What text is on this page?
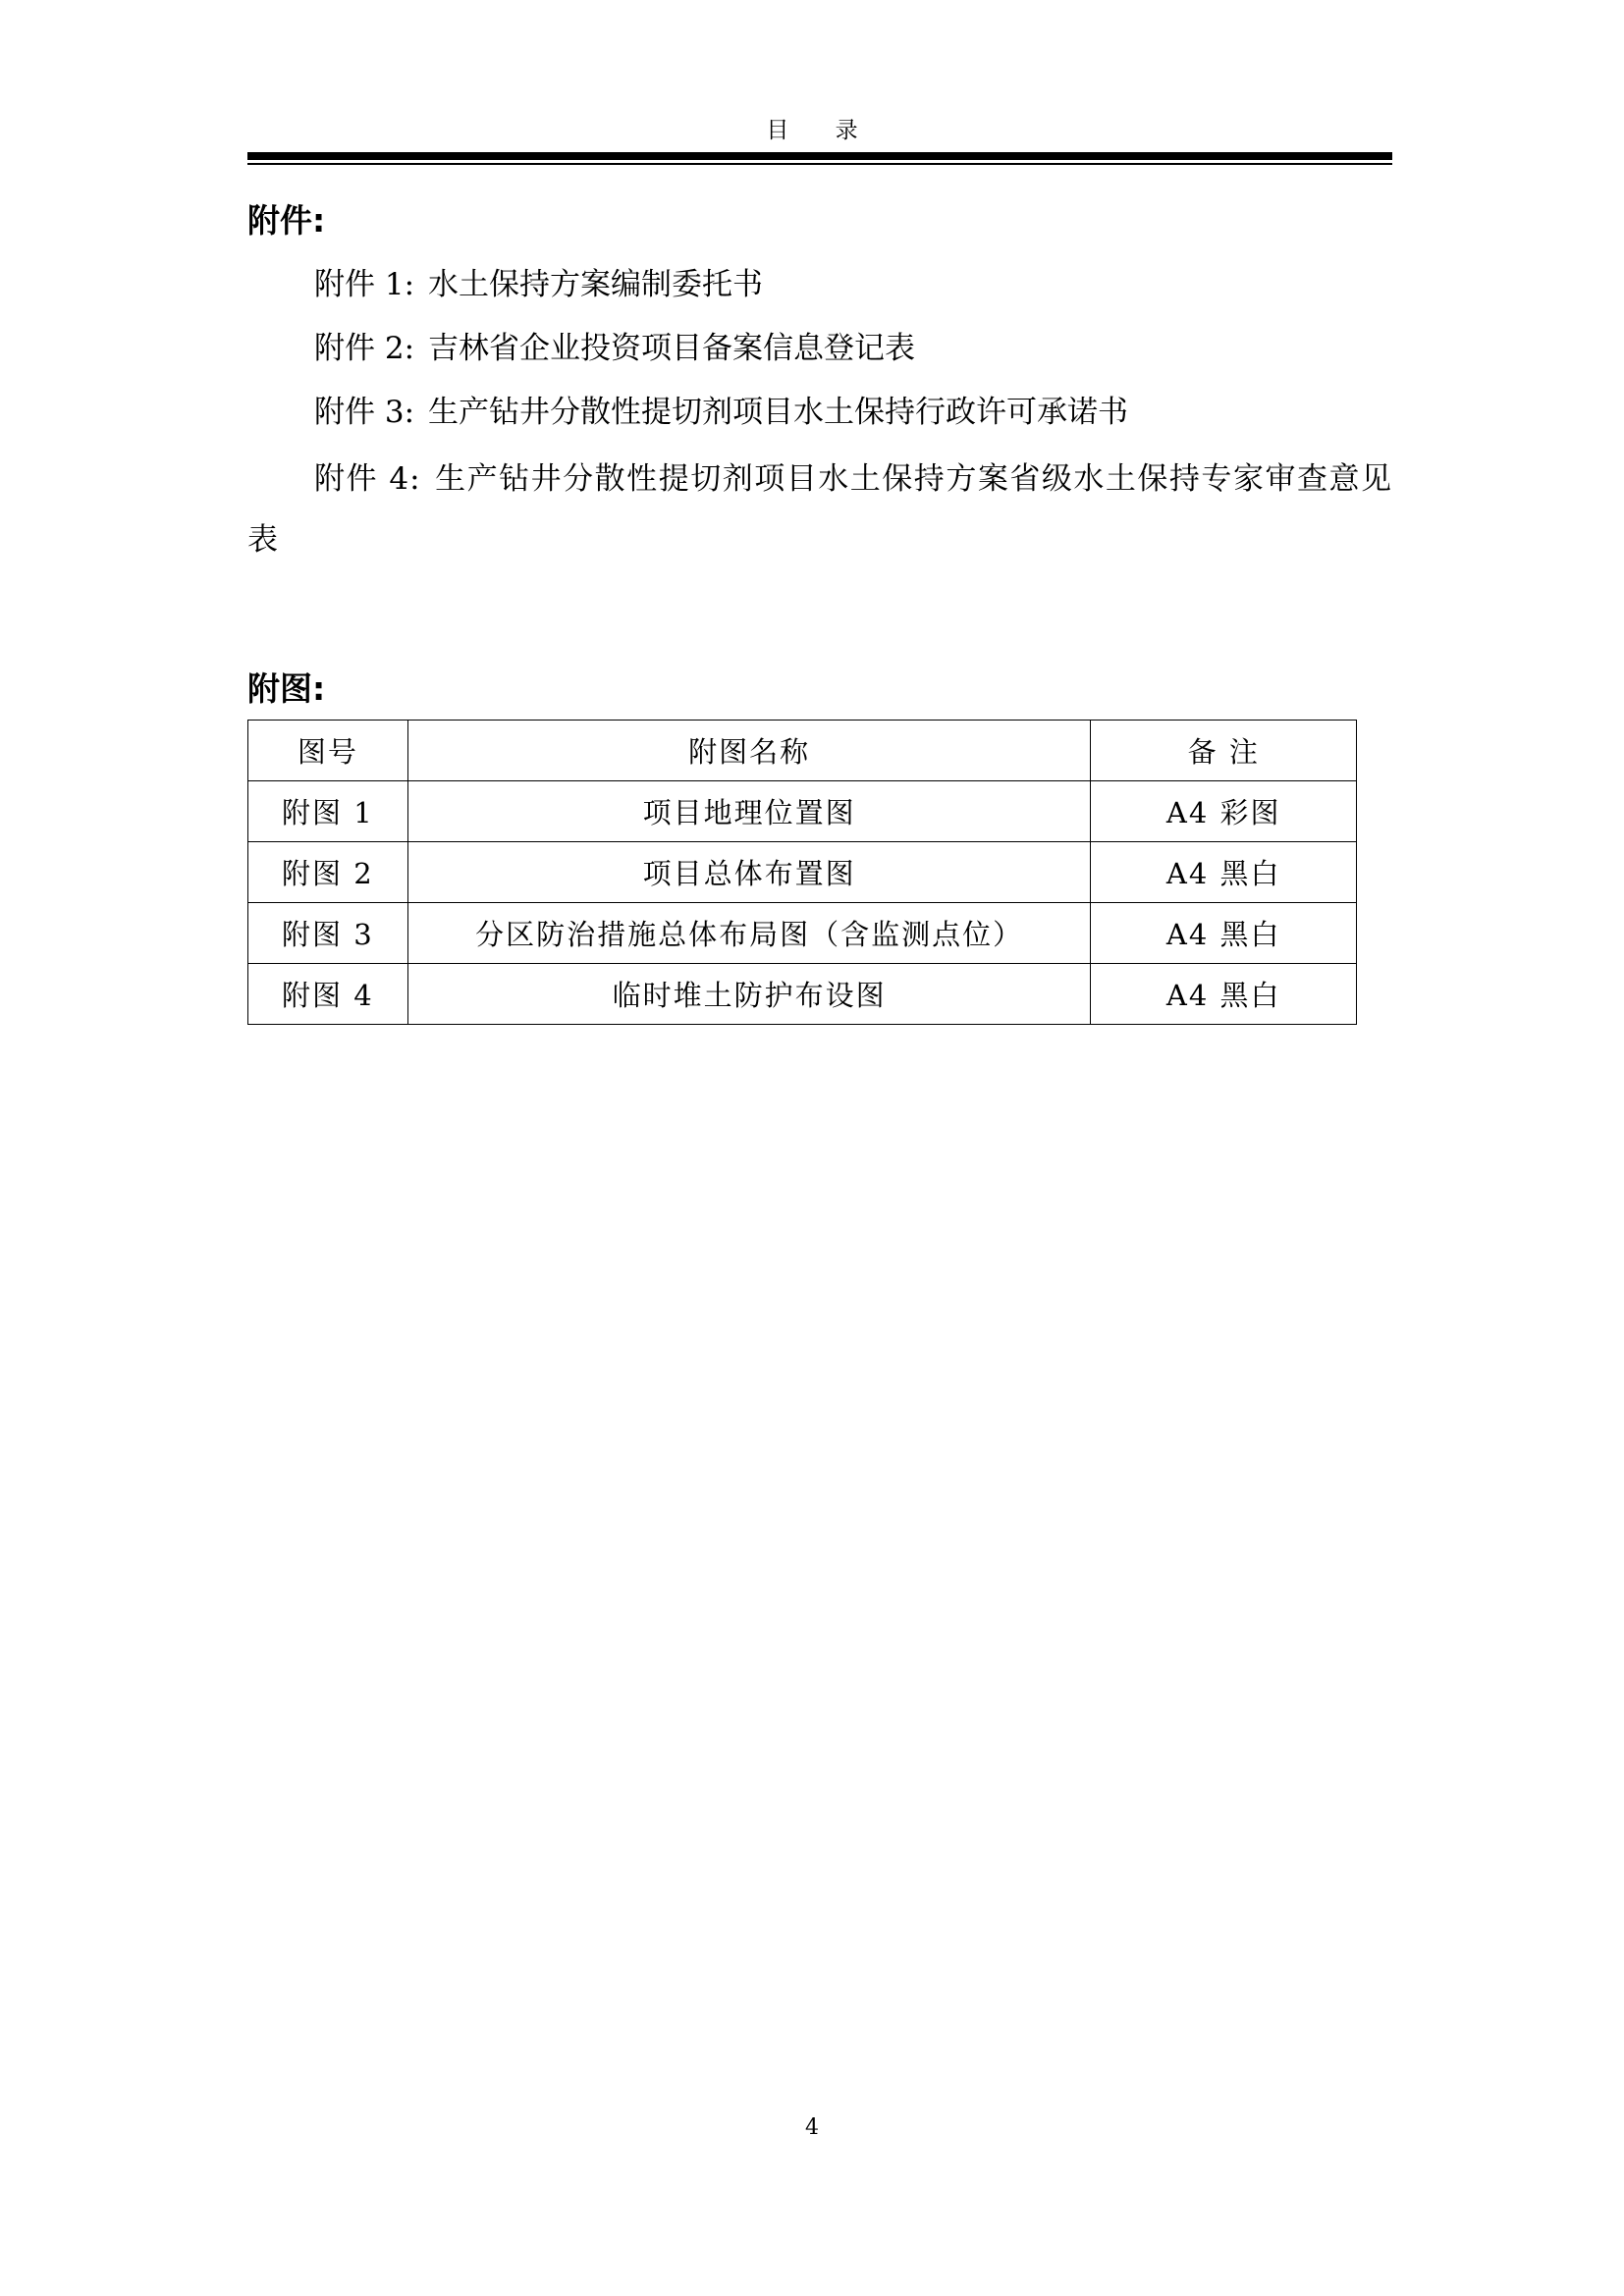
目 录
附件:
附件 1: 水土保持方案编制委托书
附件 2: 吉林省企业投资项目备案信息登记表
附件 3: 生产钻井分散性提切剂项目水土保持行政许可承诺书
附件 4: 生产钻井分散性提切剂项目水土保持方案省级水土保持专家审查意见表
附图:
图号	附图名称	备 注
附图 1	项目地理位置图	A4 彩图
附图 2	项目总体布置图	A4 黑白
附图 3	分区防治措施总体布局图（含监测点位）	A4 黑白
附图 4	临时堆土防护布设图	A4 黑白
4
